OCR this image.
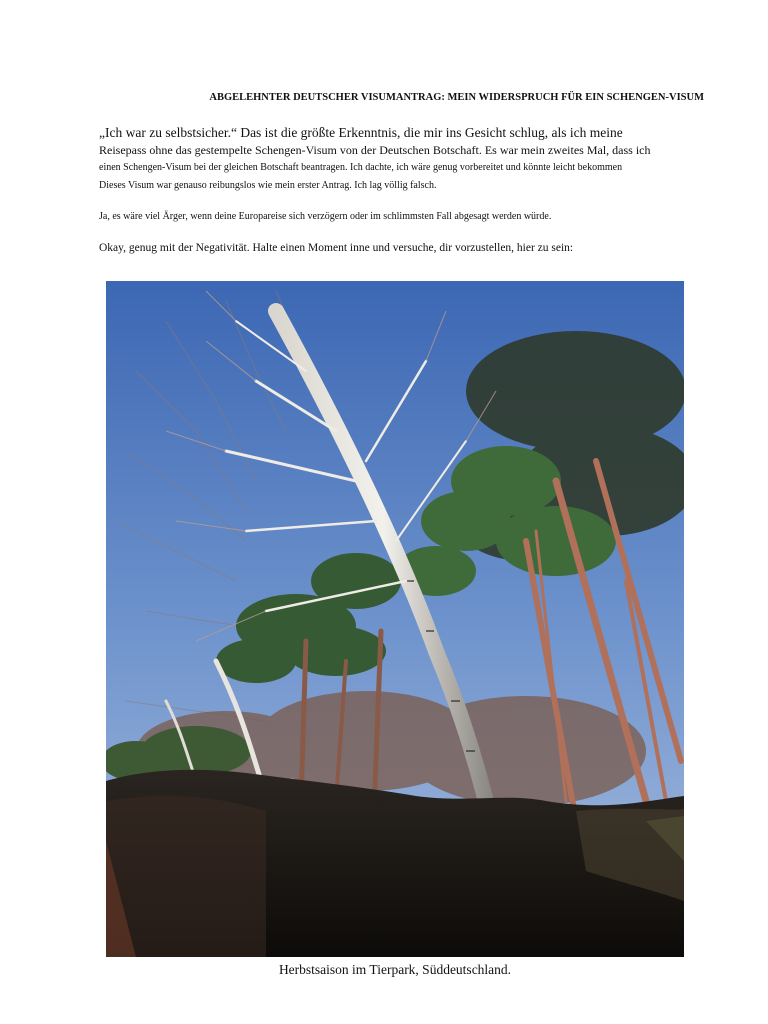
ABGELEHNTER DEUTSCHER VISUMANTRAG: MEIN WIDERSPRUCH FÜR EIN SCHENGEN-VISUM

„Ich war zu selbstsicher.“ Das ist die größte Erkenntnis, die mir ins Gesicht schlug, als ich meine

Reisepass ohne das gestempelte Schengen-Visum von der Deutschen Botschaft. Es war mein zweites Mal, dass ich

einen Schengen-Visum bei der gleichen Botschaft beantragen. Ich dachte, ich wäre genug vorbereitet und könnte leicht bekommen

Dieses Visum war genauso reibungslos wie mein erster Antrag. Ich lag völlig falsch.

Ja, es wäre viel Ärger, wenn deine Europareise sich verzögern oder im schlimmsten Fall abgesagt werden würde.

Okay, genug mit der Negativität. Halte einen Moment inne und versuche, dir vorzustellen, hier zu sein:

Herbstsaison im Tierpark, Süddeutschland.
